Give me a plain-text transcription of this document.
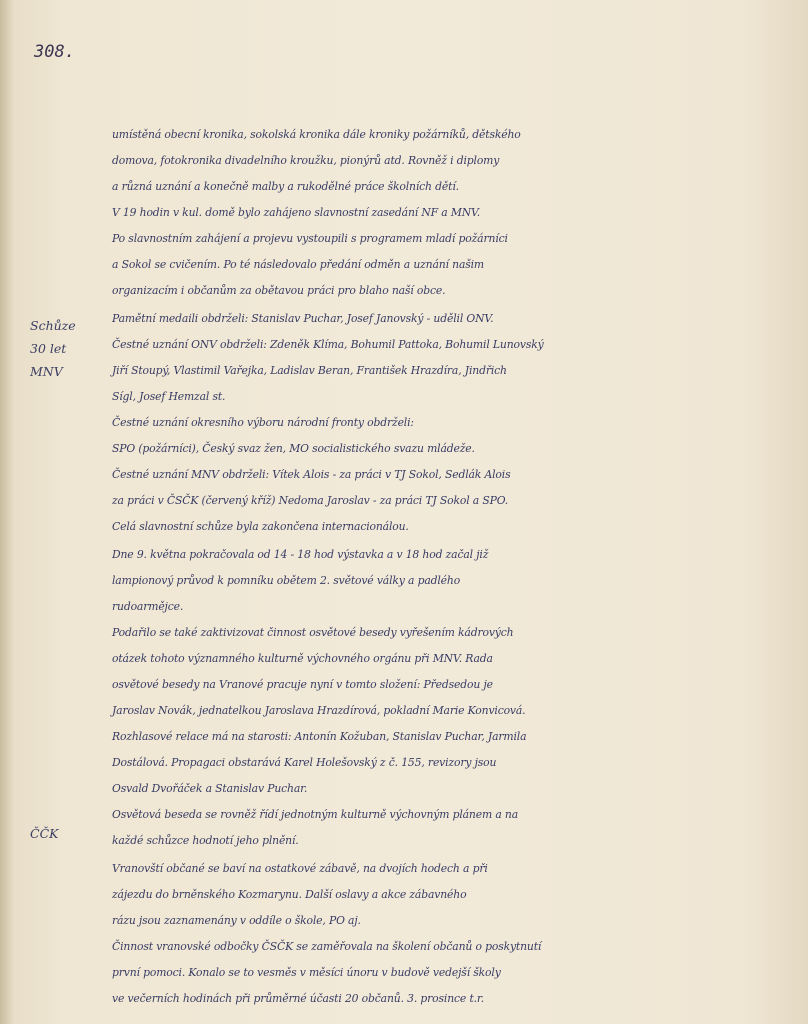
308.

Schůze
30 let
MNV
ČČK
umístěná obecní kronika, sokolská kronika dále kroniky požárníků, dětského
domova, fotokronika divadelního kroužku, pionýrů atd. Rovněž i diplomy
a různá uznání a konečně malby a rukodělné práce školních dětí.
V 19 hodin v kul. domě bylo zahájeno slavnostní zasedání NF a MNV.
Po slavnostním zahájení a projevu vystoupili s programem mladí požárníci
a Sokol se cvičením. Po té následovalo předání odměn a uznání našim
organizacím i občanům za obětavou práci pro blaho naší obce.
Pamětní medaili obdrželi: Stanislav Puchar, Josef Janovský - udělil ONV.
Čestné uznání ONV obdrželi: Zdeněk Klíma, Bohumil Pattoka, Bohumil Lunovský
Jiří Stoupý, Vlastimil Vařejka, Ladislav Beran, František Hrazdíra, Jindřich
Sígl, Josef Hemzal st.
Čestné uznání okresního výboru národní fronty obdrželi:
SPO (požárníci), Český svaz žen, MO socialistického svazu mládeže.
Čestné uznání MNV obdrželi: Vítek Alois - za práci v TJ Sokol, Sedlák Alois
za práci v ČSČK (červený kříž) Nedoma Jaroslav - za práci TJ Sokol a SPO.
Celá slavnostní schůze byla zakončena internacionálou.
Dne 9. května pokračovala od 14 - 18 hod výstavka a v 18 hod začal již
lampionový průvod k pomníku obětem 2. světové války a padlého
rudoarmějce.
Podařilo se také zaktivizovat činnost osvětové besedy vyřešením kádrových
otázek tohoto významného kulturně výchovného orgánu při MNV. Rada
osvětové besedy na Vranové pracuje nyní v tomto složení: Předsedou je
Jaroslav Novák, jednatelkou Jaroslava Hrazdírová, pokladní Marie Konvicová.
Rozhlasové relace má na starosti: Antonín Kožuban, Stanislav Puchar, Jarmila
Dostálová. Propagaci obstarává Karel Holešovský z č. 155, revizory jsou
Osvald Dvořáček a Stanislav Puchar.
Osvětová beseda se rovněž řídí jednotným kulturně výchovným plánem a na
každé schůzce hodnotí jeho plnění.
Vranovští občané se baví na ostatkové zábavě, na dvojích hodech a při
zájezdu do brněnského Kozmarynu. Další oslavy a akce zábavného
rázu jsou zaznamenány v oddíle o škole, PO aj.
Činnost vranovské odbočky ČSČK se zaměřovala na školení občanů o poskytnutí
první pomoci. Konalo se to vesměs v měsíci únoru v budově vedejší školy
ve večerních hodinách při průměrné účasti 20 občanů. 3. prosince t.r.
